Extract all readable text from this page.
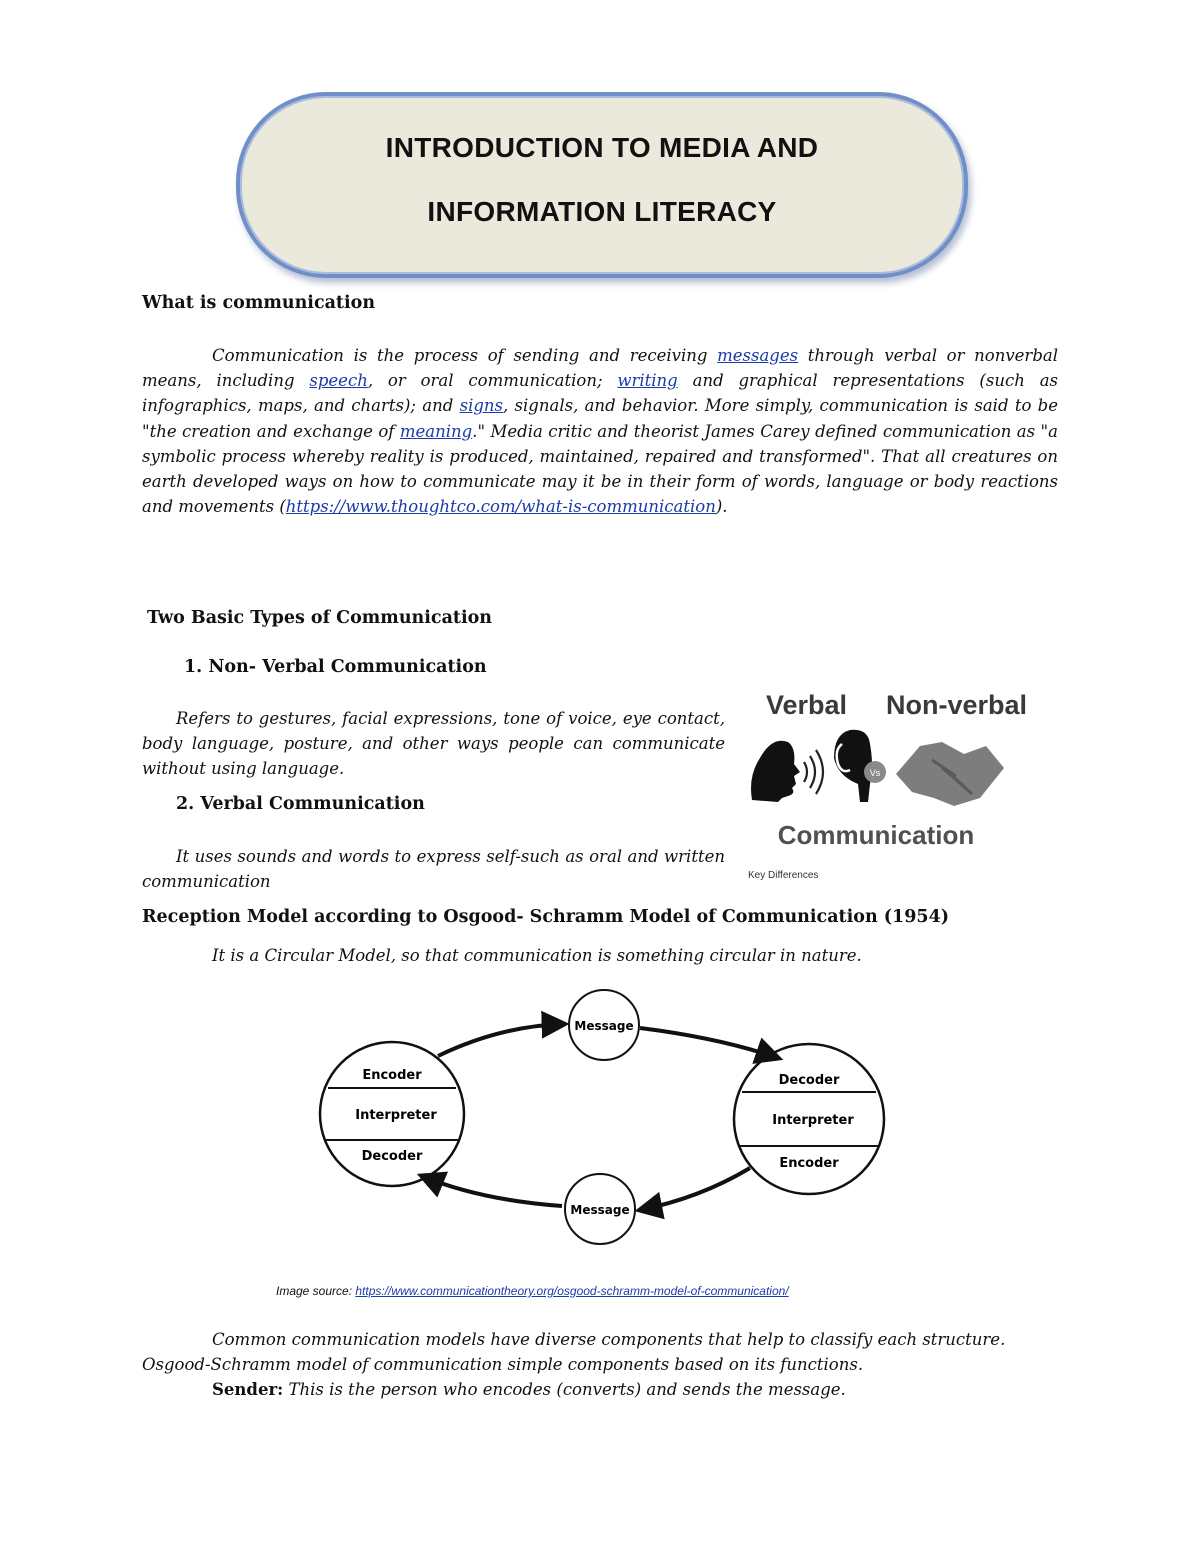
INTRODUCTION TO MEDIA AND
INFORMATION LITERACY
What is communication
Communication is the process of sending and receiving messages through verbal or nonverbal means, including speech, or oral communication; writing and graphical representations (such as infographics, maps, and charts); and signs, signals, and behavior. More simply, communication is said to be "the creation and exchange of meaning." Media critic and theorist James Carey defined communication as "a symbolic process whereby reality is produced, maintained, repaired and transformed". That all creatures on earth developed ways on how to communicate may it be in their form of words, language or body reactions and movements (https://www.thoughtco.com/what-is-communication).
Two Basic Types of Communication
1. Non- Verbal Communication
Refers to gestures, facial expressions, tone of voice, eye contact, body language, posture, and other ways people can communicate without using language.
2. Verbal Communication
It uses sounds and words to express self-such as oral and written communication
Verbal Non-verbal
Vs
Communication
Key Differences
Reception Model according to Osgood- Schramm Model of Communication (1954)
It is a Circular Model, so that communication is something circular in nature.
Encoder
Interpreter
Decoder
Decoder
Interpreter
Encoder
Message
Message
Image source: https://www.communicationtheory.org/osgood-schramm-model-of-communication/
Common communication models have diverse components that help to classify each structure. Osgood-Schramm model of communication simple components based on its functions.
Sender: This is the person who encodes (converts) and sends the message.
